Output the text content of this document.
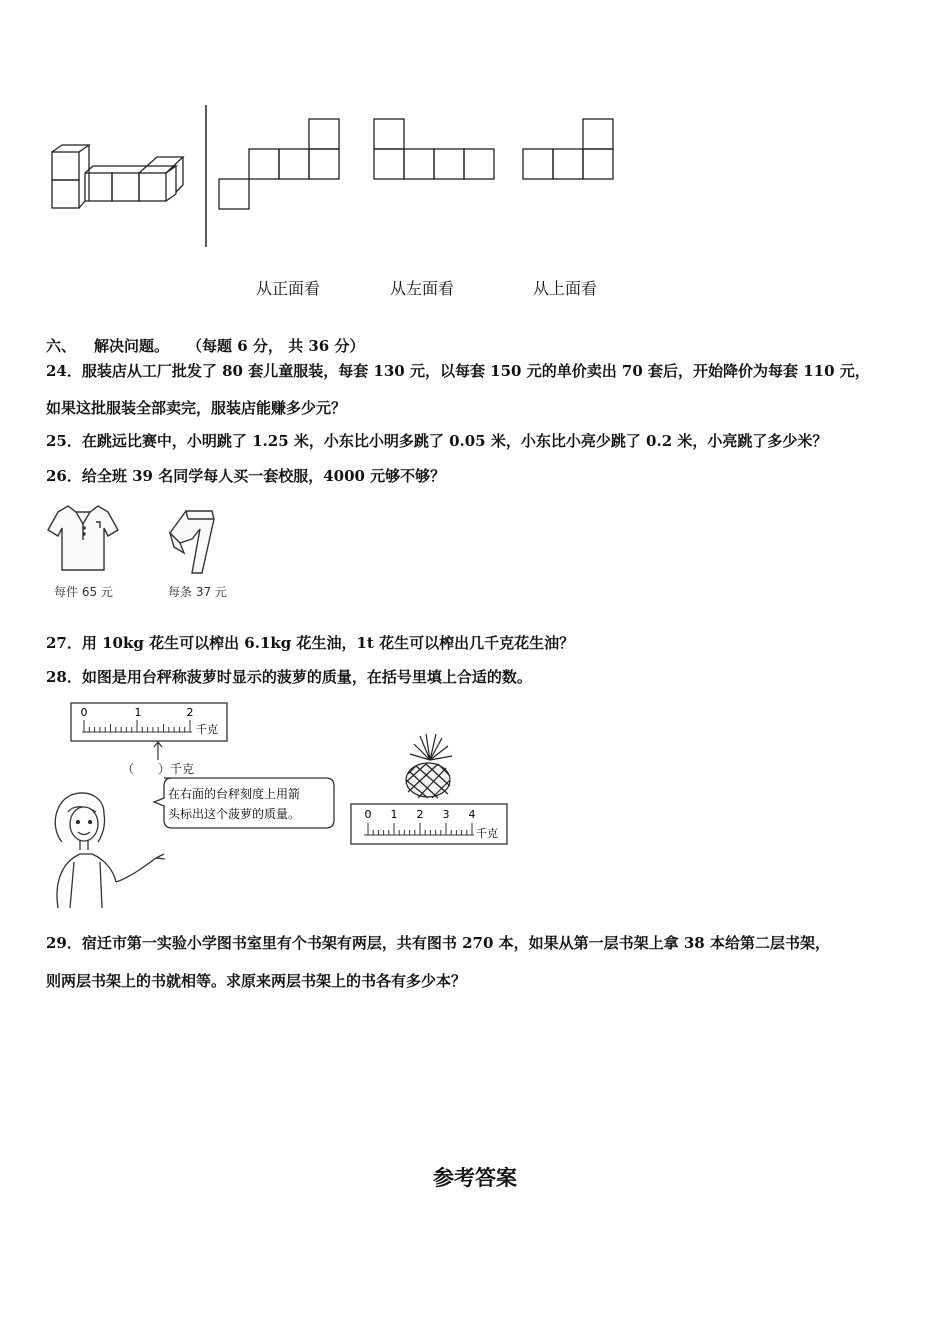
从正面看	从左面看	从上面看
六、 解决问题。 （每题 6 分， 共 36 分）
24．服装店从工厂批发了 80 套儿童服装，每套 130 元，以每套 150 元的单价卖出 70 套后，开始降价为每套 110 元，
如果这批服装全部卖完，服装店能赚多少元？
25．在跳远比赛中，小明跳了 1.25 米，小东比小明多跳了 0.05 米，小东比小亮少跳了 0.2 米，小亮跳了多少米？
26．给全班 39 名同学每人买一套校服，4000 元够不够？
每件 65 元	每条 37 元
27．用 10kg 花生可以榨出 6.1kg 花生油，1t 花生可以榨出几千克花生油？
28．如图是用台秤称菠萝时显示的菠萝的质量，在括号里填上合适的数。
0	1	2
千克
（　　）千克
在右面的台秤刻度上用箭
头标出这个菠萝的质量。	0 1 2 3 4
千克
29．宿迁市第一实验小学图书室里有个书架有两层，共有图书 270 本，如果从第一层书架上拿 38 本给第二层书架，
则两层书架上的书就相等。求原来两层书架上的书各有多少本？
参考答案
